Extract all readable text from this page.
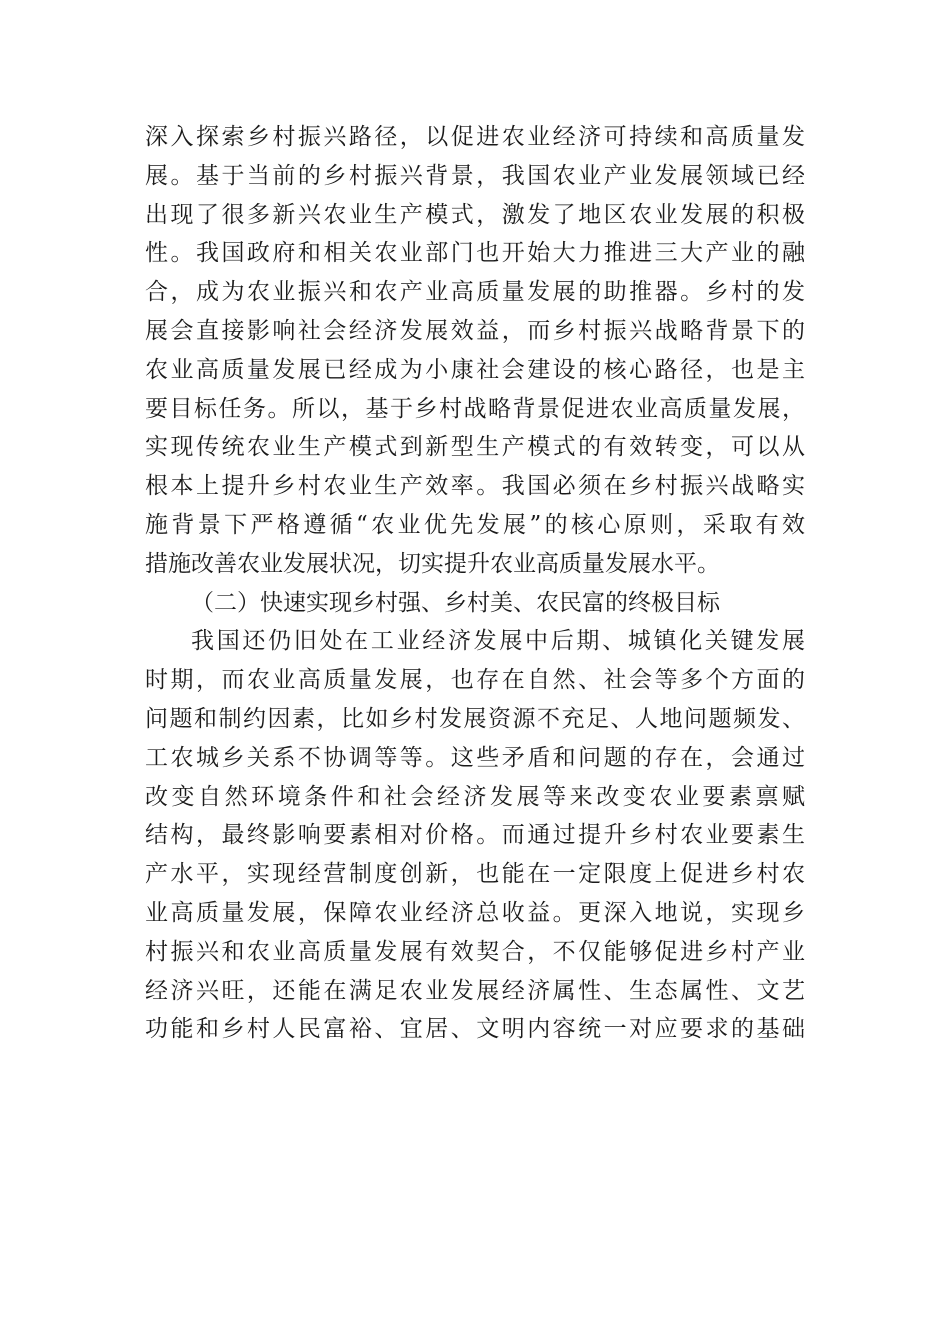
深入探索乡村振兴路径，以促进农业经济可持续和高质量发
展。基于当前的乡村振兴背景，我国农业产业发展领域已经
出现了很多新兴农业生产模式，激发了地区农业发展的积极
性。我国政府和相关农业部门也开始大力推进三大产业的融
合，成为农业振兴和农产业高质量发展的助推器。乡村的发
展会直接影响社会经济发展效益，而乡村振兴战略背景下的
农业高质量发展已经成为小康社会建设的核心路径，也是主
要目标任务。所以，基于乡村战略背景促进农业高质量发展，
实现传统农业生产模式到新型生产模式的有效转变，可以从
根本上提升乡村农业生产效率。我国必须在乡村振兴战略实
施背景下严格遵循“农业优先发展”的核心原则，采取有效
措施改善农业发展状况，切实提升农业高质量发展水平。
（二）快速实现乡村强、乡村美、农民富的终极目标
我国还仍旧处在工业经济发展中后期、城镇化关键发展
时期，而农业高质量发展，也存在自然、社会等多个方面的
问题和制约因素，比如乡村发展资源不充足、人地问题频发、
工农城乡关系不协调等等。这些矛盾和问题的存在，会通过
改变自然环境条件和社会经济发展等来改变农业要素禀赋
结构，最终影响要素相对价格。而通过提升乡村农业要素生
产水平，实现经营制度创新，也能在一定限度上促进乡村农
业高质量发展，保障农业经济总收益。更深入地说，实现乡
村振兴和农业高质量发展有效契合，不仅能够促进乡村产业
经济兴旺，还能在满足农业发展经济属性、生态属性、文艺
功能和乡村人民富裕、宜居、文明内容统一对应要求的基础
